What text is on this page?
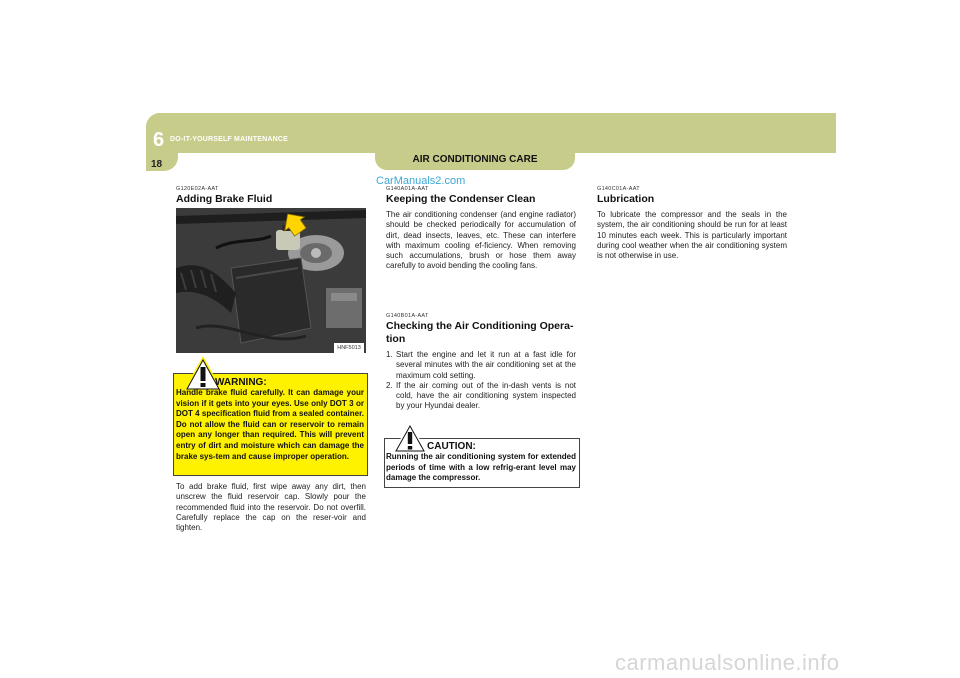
6 DO-IT-YOURSELF MAINTENANCE
18	AIR CONDITIONING CARE
CarManuals2.com
G120E02A-AAT
Adding Brake Fluid
HNF5013
WARNING:
Handle brake fluid carefully. It can damage your vision if it gets into your eyes. Use only DOT 3 or DOT 4 specification fluid from a sealed container. Do not allow the fluid can or reservoir to remain open any longer than required. This will prevent entry of dirt and moisture which can damage the brake sys-tem and cause improper operation.
To add brake fluid, first wipe away any dirt, then unscrew the fluid reservoir cap. Slowly pour the recommended fluid into the reservoir. Do not overfill. Carefully replace the cap on the reser-voir and tighten.
G140A01A-AAT
Keeping the Condenser Clean
The air conditioning condenser (and engine radiator) should be checked periodically for accumulation of dirt, dead insects, leaves, etc. These can interfere with maximum cooling ef-ficiency. When removing such accumulations, brush or hose them away carefully to avoid bending the cooling fans.
G140B01A-AAT
Checking the Air Conditioning Opera-tion
1. Start the engine and let it run at a fast idle for several minutes with the air conditioning set at the maximum cold setting.
2. If the air coming out of the in-dash vents is not cold, have the air conditioning system inspected by your Hyundai dealer.
CAUTION:
Running the air conditioning system for extended periods of time with a low refrig-erant level may damage the compressor.
G140C01A-AAT
Lubrication
To lubricate the compressor and the seals in the system, the air conditioning should be run for at least 10 minutes each week. This is particularly important during cool weather when the air conditioning system is not otherwise in use.
carmanualsonline.info
